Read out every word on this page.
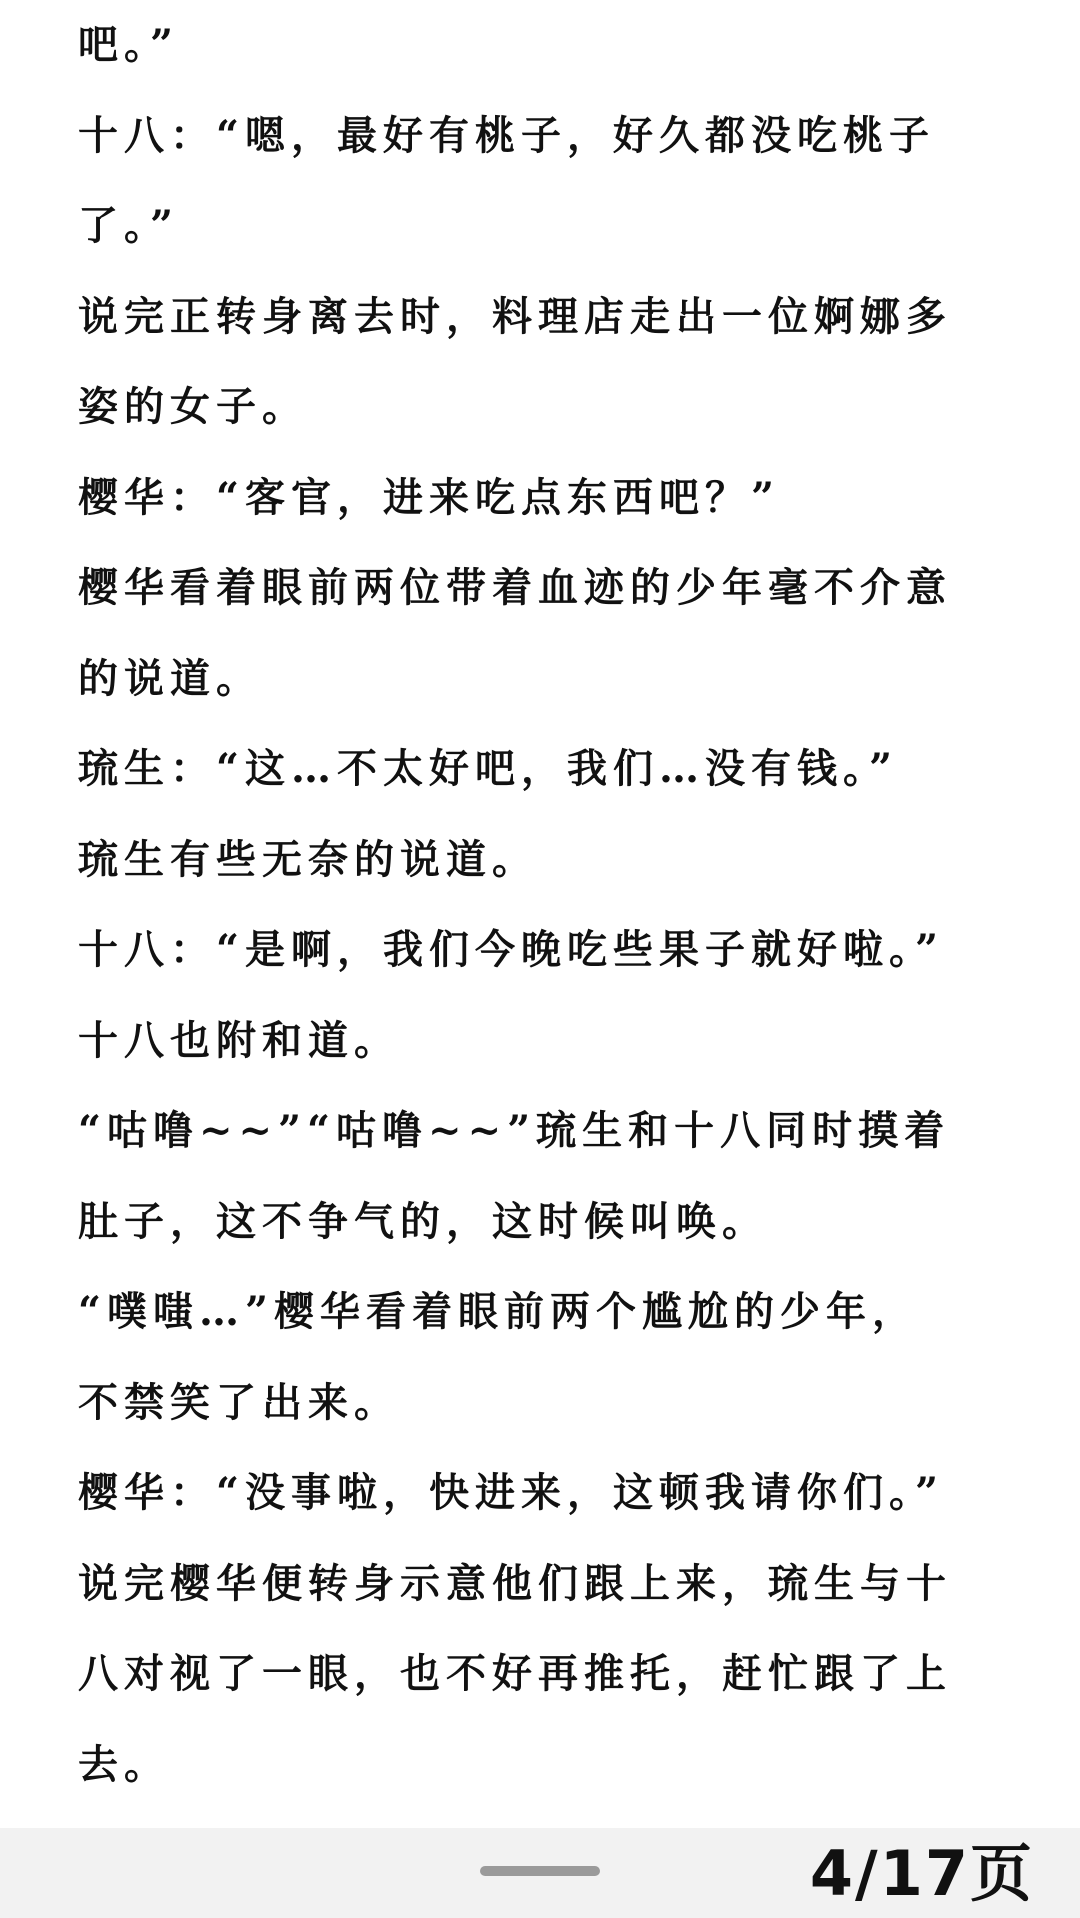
吧。”
十八：“嗯，最好有桃子，好久都没吃桃子
了。”
说完正转身离去时，料理店走出一位婀娜多
姿的女子。
樱华：“客官，进来吃点东西吧？”
樱华看着眼前两位带着血迹的少年毫不介意
的说道。
琉生：“这…不太好吧，我们…没有钱。”
琉生有些无奈的说道。
十八：“是啊，我们今晚吃些果子就好啦。”
十八也附和道。
“咕噜~~”“咕噜~~”琉生和十八同时摸着
肚子，这不争气的，这时候叫唤。
“噗嗤…”樱华看着眼前两个尴尬的少年，
不禁笑了出来。
樱华：“没事啦，快进来，这顿我请你们。”
说完樱华便转身示意他们跟上来，琉生与十
八对视了一眼，也不好再推托，赶忙跟了上
去。
4/17页
